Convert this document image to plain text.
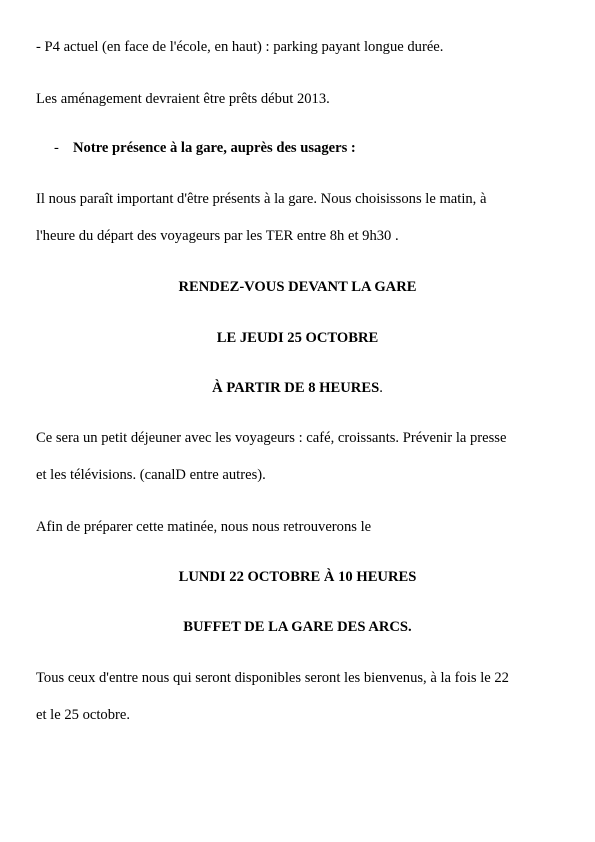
- P4 actuel (en face de l'école, en haut) : parking payant longue durée.
Les aménagement devraient être prêts début 2013.
- Notre présence à la gare, auprès des usagers :
Il nous paraît important d'être présents à la gare. Nous choisissons le matin, à
l'heure du départ des voyageurs par les TER entre 8h et 9h30 .
RENDEZ-VOUS DEVANT LA GARE
LE JEUDI 25 OCTOBRE
À PARTIR DE 8 HEURES.
Ce sera un petit déjeuner avec les voyageurs : café, croissants. Prévenir la presse
et les télévisions. (canalD entre autres).
Afin de préparer cette matinée, nous nous retrouverons le
LUNDI 22 OCTOBRE À 10 HEURES
BUFFET DE LA GARE DES ARCS.
Tous ceux d'entre nous qui seront disponibles seront les bienvenus, à la fois le 22
et le 25 octobre.
